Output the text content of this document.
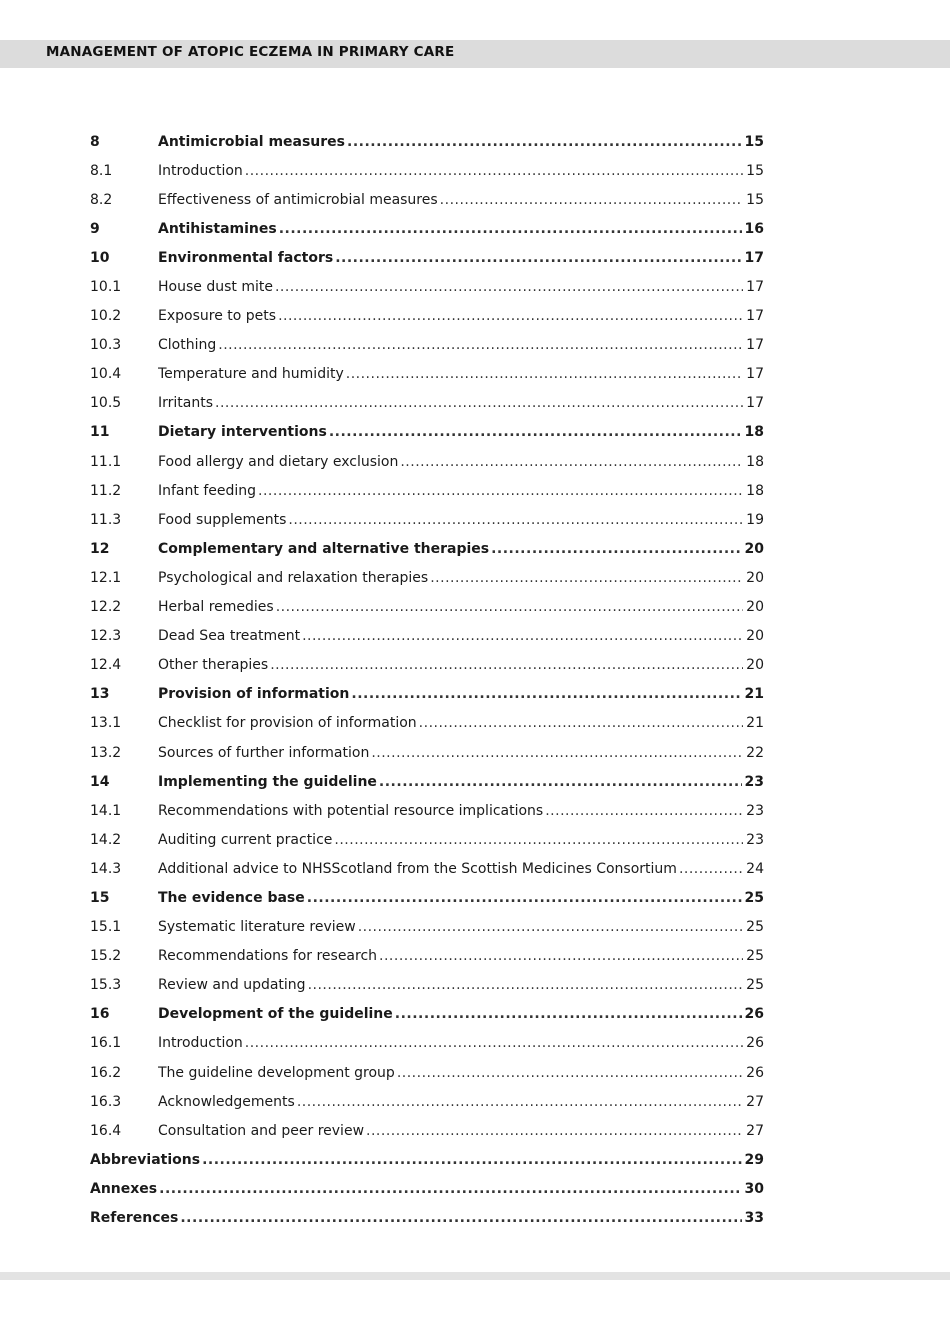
MANAGEMENT OF ATOPIC ECZEMA IN PRIMARY CARE
8	Antimicrobial measures .....	15
8.1	Introduction .....	15
8.2	Effectiveness of antimicrobial measures .....	15
9	Antihistamines .....	16
10	Environmental factors .....	17
10.1	House dust mite .....	17
10.2	Exposure to pets .....	17
10.3	Clothing .....	17
10.4	Temperature and humidity .....	17
10.5	Irritants .....	17
11	Dietary interventions .....	18
11.1	Food allergy and dietary exclusion .....	18
11.2	Infant feeding .....	18
11.3	Food supplements .....	19
12	Complementary and alternative therapies .....	20
12.1	Psychological and relaxation therapies .....	20
12.2	Herbal remedies .....	20
12.3	Dead Sea treatment .....	20
12.4	Other therapies .....	20
13	Provision of information .....	21
13.1	Checklist for provision of information .....	21
13.2	Sources of further information .....	22
14	Implementing the guideline .....	23
14.1	Recommendations with potential resource implications .....	23
14.2	Auditing current practice .....	23
14.3	Additional advice to NHSScotland from the Scottish Medicines Consortium .....	24
15	The evidence base .....	25
15.1	Systematic literature review .....	25
15.2	Recommendations for research .....	25
15.3	Review and updating .....	25
16	Development of the guideline .....	26
16.1	Introduction .....	26
16.2	The guideline development group .....	26
16.3	Acknowledgements .....	27
16.4	Consultation and peer review .....	27
Abbreviations .....	29
Annexes .....	30
References .....	33
